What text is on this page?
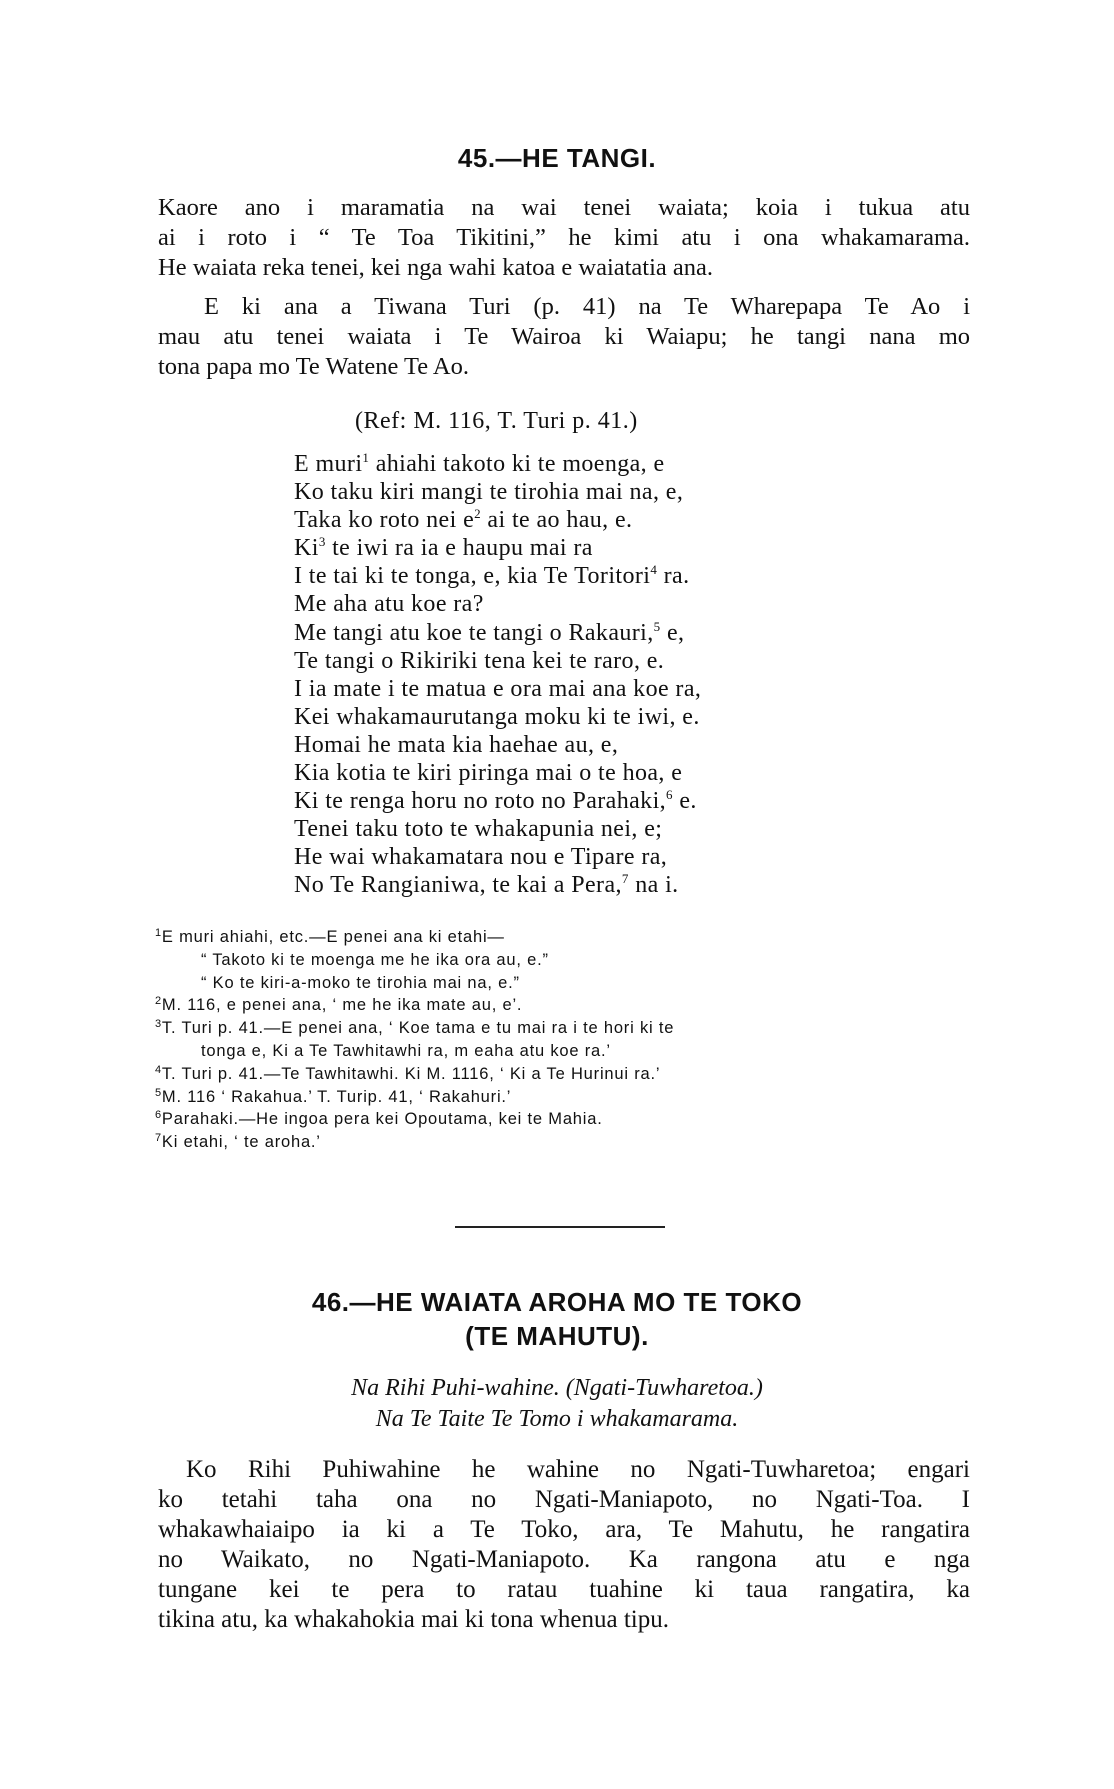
45.—HE TANGI.
Kaore ano i maramatia na wai tenei waiata; koia i tukua atu
ai i roto i “ Te Toa Tikitini,” he kimi atu i ona whakamarama.
He waiata reka tenei, kei nga wahi katoa e waiatatia ana.
E ki ana a Tiwana Turi (p. 41) na Te Wharepapa Te Ao i
mau atu tenei waiata i Te Wairoa ki Waiapu; he tangi nana mo
tona papa mo Te Watene Te Ao.
(Ref: M. 116, T. Turi p. 41.)
E muri$^1$ ahiahi takoto ki te moenga, e
Ko taku kiri mangi te tirohia mai na, e,
Taka ko roto nei $e^2$ ai te ao hau, e.
Ki$^3$ te iwi ra ia e haupu mai ra
I te tai ki te tonga, e, kia Te Toritori$^4$ ra.
Me aha atu koe ra?
Me tangi atu koe te tangi o Rakauri,$^5$ e,
Te tangi o Rikiriki tena kei te raro, e.
I ia mate i te matua e ora mai ana koe ra,
Kei whakamaurutanga moku ki te iwi, e.
Homai he mata kia haehae au, e,
Kia kotia te kiri piringa mai o te hoa, e
Ki te renga horu no roto no Parahaki,$^6$ e.
Tenei taku toto te whakapunia nei, e;
He wai whakamatara nou e Tipare ra,
No Te Rangianiwa, te kai a Pera,$^7$ na i.
$^1$E muri ahiahi, etc.—E penei ana ki etahi—
“ Takoto ki te moenga me he ika ora au, e.”
“ Ko te kiri-a-moko te tirohia mai na, e.”
$^2$M. 116, e penei ana, ‘ me he ika mate au, e’.
$^3$T. Turi p. 41.—E penei ana, ‘ Koe tama e tu mai ra i te hori ki te
tonga e, Ki a Te Tawhitawhi ra, m eaha atu koe ra.’
$^4$T. Turi p. 41.—Te Tawhitawhi. Ki M. 1116, ‘ Ki a Te Hurinui ra.’
$^5$M. 116 ‘ Rakahua.’ T. Turip. 41, ‘ Rakahuri.’
$^6$Parahaki.—He ingoa pera kei Opoutama, kei te Mahia.
$^7$Ki etahi, ‘ te aroha.’
46.—HE WAIATA AROHA MO TE TOKO
(TE MAHUTU).
Na Rihi Puhi-wahine. (Ngati-Tuwharetoa.)
Na Te Taite Te Tomo i whakamarama.
Ko Rihi Puhiwahine he wahine no Ngati-Tuwharetoa; engari
ko tetahi taha ona no Ngati-Maniapoto, no Ngati-Toa. I
whakawhaiaipo ia ki a Te Toko, ara, Te Mahutu, he rangatira
no Waikato, no Ngati-Maniapoto. Ka rangona atu e nga
tungane kei te pera to ratau tuahine ki taua rangatira, ka
tikina atu, ka whakahokia mai ki tona whenua tipu.
